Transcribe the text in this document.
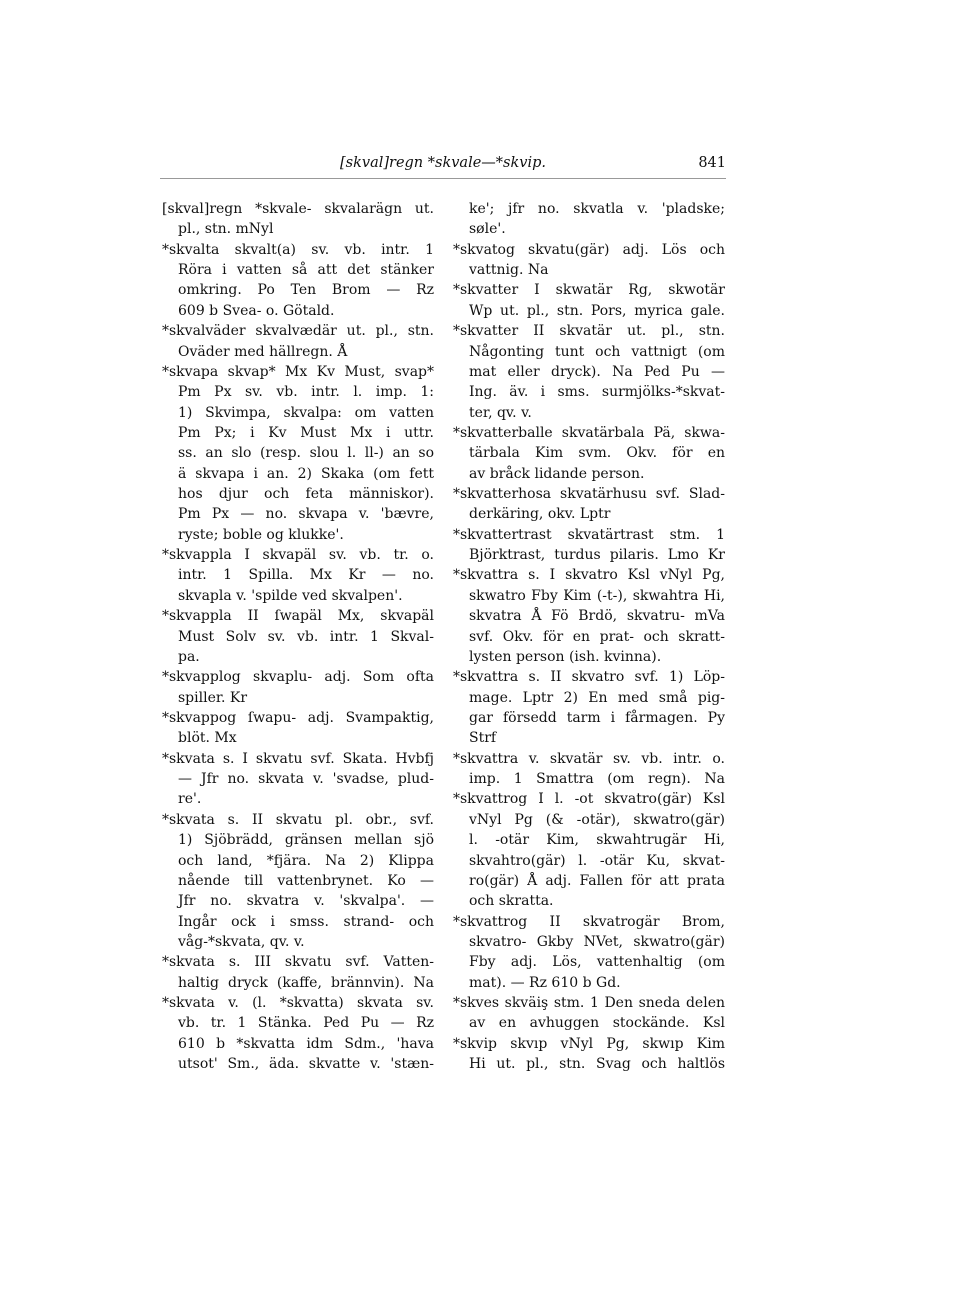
[skval]regn *skvale—*skvip.	841
[skval]regn *skvale- skvalarägn ut.
pl., stn. mNyl
*skvalta skvalt(a) sv. vb. intr. 1
Röra i vatten så att det stänker
omkring. Po Ten Brom — Rz
609 b Svea- o. Götald.
*skvalväder skvalvædär ut. pl., stn.
Oväder med hällregn. Å
*skvapa skvap* Mx Kv Must, svap*
Pm Px sv. vb. intr. l. imp. 1:
1) Skvimpa, skvalpa: om vatten
Pm Px; i Kv Must Mx i uttr.
ss. an slo (resp. slou l. ll-) an so
ä skvapa i an. 2) Skaka (om fett
hos djur och feta människor).
Pm Px — no. skvapa v. 'bævre,
ryste; boble og klukke'.
*skvappla I skvapäl sv. vb. tr. o.
intr. 1 Spilla. Mx Kr — no.
skvapla v. 'spilde ved skvalpen'.
*skvappla II ſwapäl Mx, skvapäl
Must Solv sv. vb. intr. 1 Skval-
pa.
*skvapplog skvaplu- adj. Som ofta
spiller. Kr
*skvappog ſwapu- adj. Svampaktig,
blöt. Mx
*skvata s. I skvatu svf. Skata. Hvbfj
— Jfr no. skvata v. 'svadse, plud-
re'.
*skvata s. II skvatu pl. obr., svf.
1) Sjöbrädd, gränsen mellan sjö
och land, *fjära. Na 2) Klippa
nående till vattenbrynet. Ko —
Jfr no. skvatra v. 'skvalpa'. —
Ingår ock i smss. strand- och
våg-*skvata, qv. v.
*skvata s. III skvatu svf. Vatten-
haltig dryck (kaffe, brännvin). Na
*skvata v. (l. *skvatta) skvata sv.
vb. tr. 1 Stänka. Ped Pu — Rz
610 b *skvatta idm Sdm., 'hava
utsot' Sm., äda. skvatte v. 'stæn-
ke'; jfr no. skvatla v. 'pladske;
søle'.
*skvatog skvatu(gär) adj. Lös och
vattnig. Na
*skvatter I skwatär Rg, skwotär
Wp ut. pl., stn. Pors, myrica gale.
*skvatter II skvatär ut. pl., stn.
Någonting tunt och vattnigt (om
mat eller dryck). Na Ped Pu —
Ing. äv. i sms. surmjölks-*skvat-
ter, qv. v.
*skvatterballe skvatärbala Pä, skwa-
tärbala Kim svm. Okv. för en
av bråck lidande person.
*skvatterhosa skvatärhusu svf. Slad-
derkäring, okv. Lptr
*skvattertrast skvatärtrast stm. 1
Björktrast, turdus pilaris. Lmo Kr
*skvattra s. I skvatro Ksl vNyl Pg,
skwatro Fby Kim (-t-), skwahtra Hi,
skvatra Å Fö Brdö, skvatru- mVa
svf. Okv. för en prat- och skratt-
lysten person (ish. kvinna).
*skvattra s. II skvatro svf. 1) Löp-
mage. Lptr 2) En med små pig-
gar försedd tarm i fårmagen. Py
Strf
*skvattra v. skvatär sv. vb. intr. o.
imp. 1 Smattra (om regn). Na
*skvattrog I l. -ot skvatro(gär) Ksl
vNyl Pg (& -otär), skwatro(gär)
l. -otär Kim, skwahtrugär Hi,
skvahtro(gär) l. -otär Ku, skvat-
ro(gär) Å adj. Fallen för att prata
och skratta.
*skvattrog II skvatrogär Brom,
skvatro- Gkby NVet, skwatro(gär)
Fby adj. Lös, vattenhaltig (om
mat). — Rz 610 b Gd.
*skves skväiş stm. 1 Den sneda delen
av en avhuggen stockände. Ksl
*skvip skvıp vNyl Pg, skwıp Kim
Hi ut. pl., stn. Svag och haltlös
